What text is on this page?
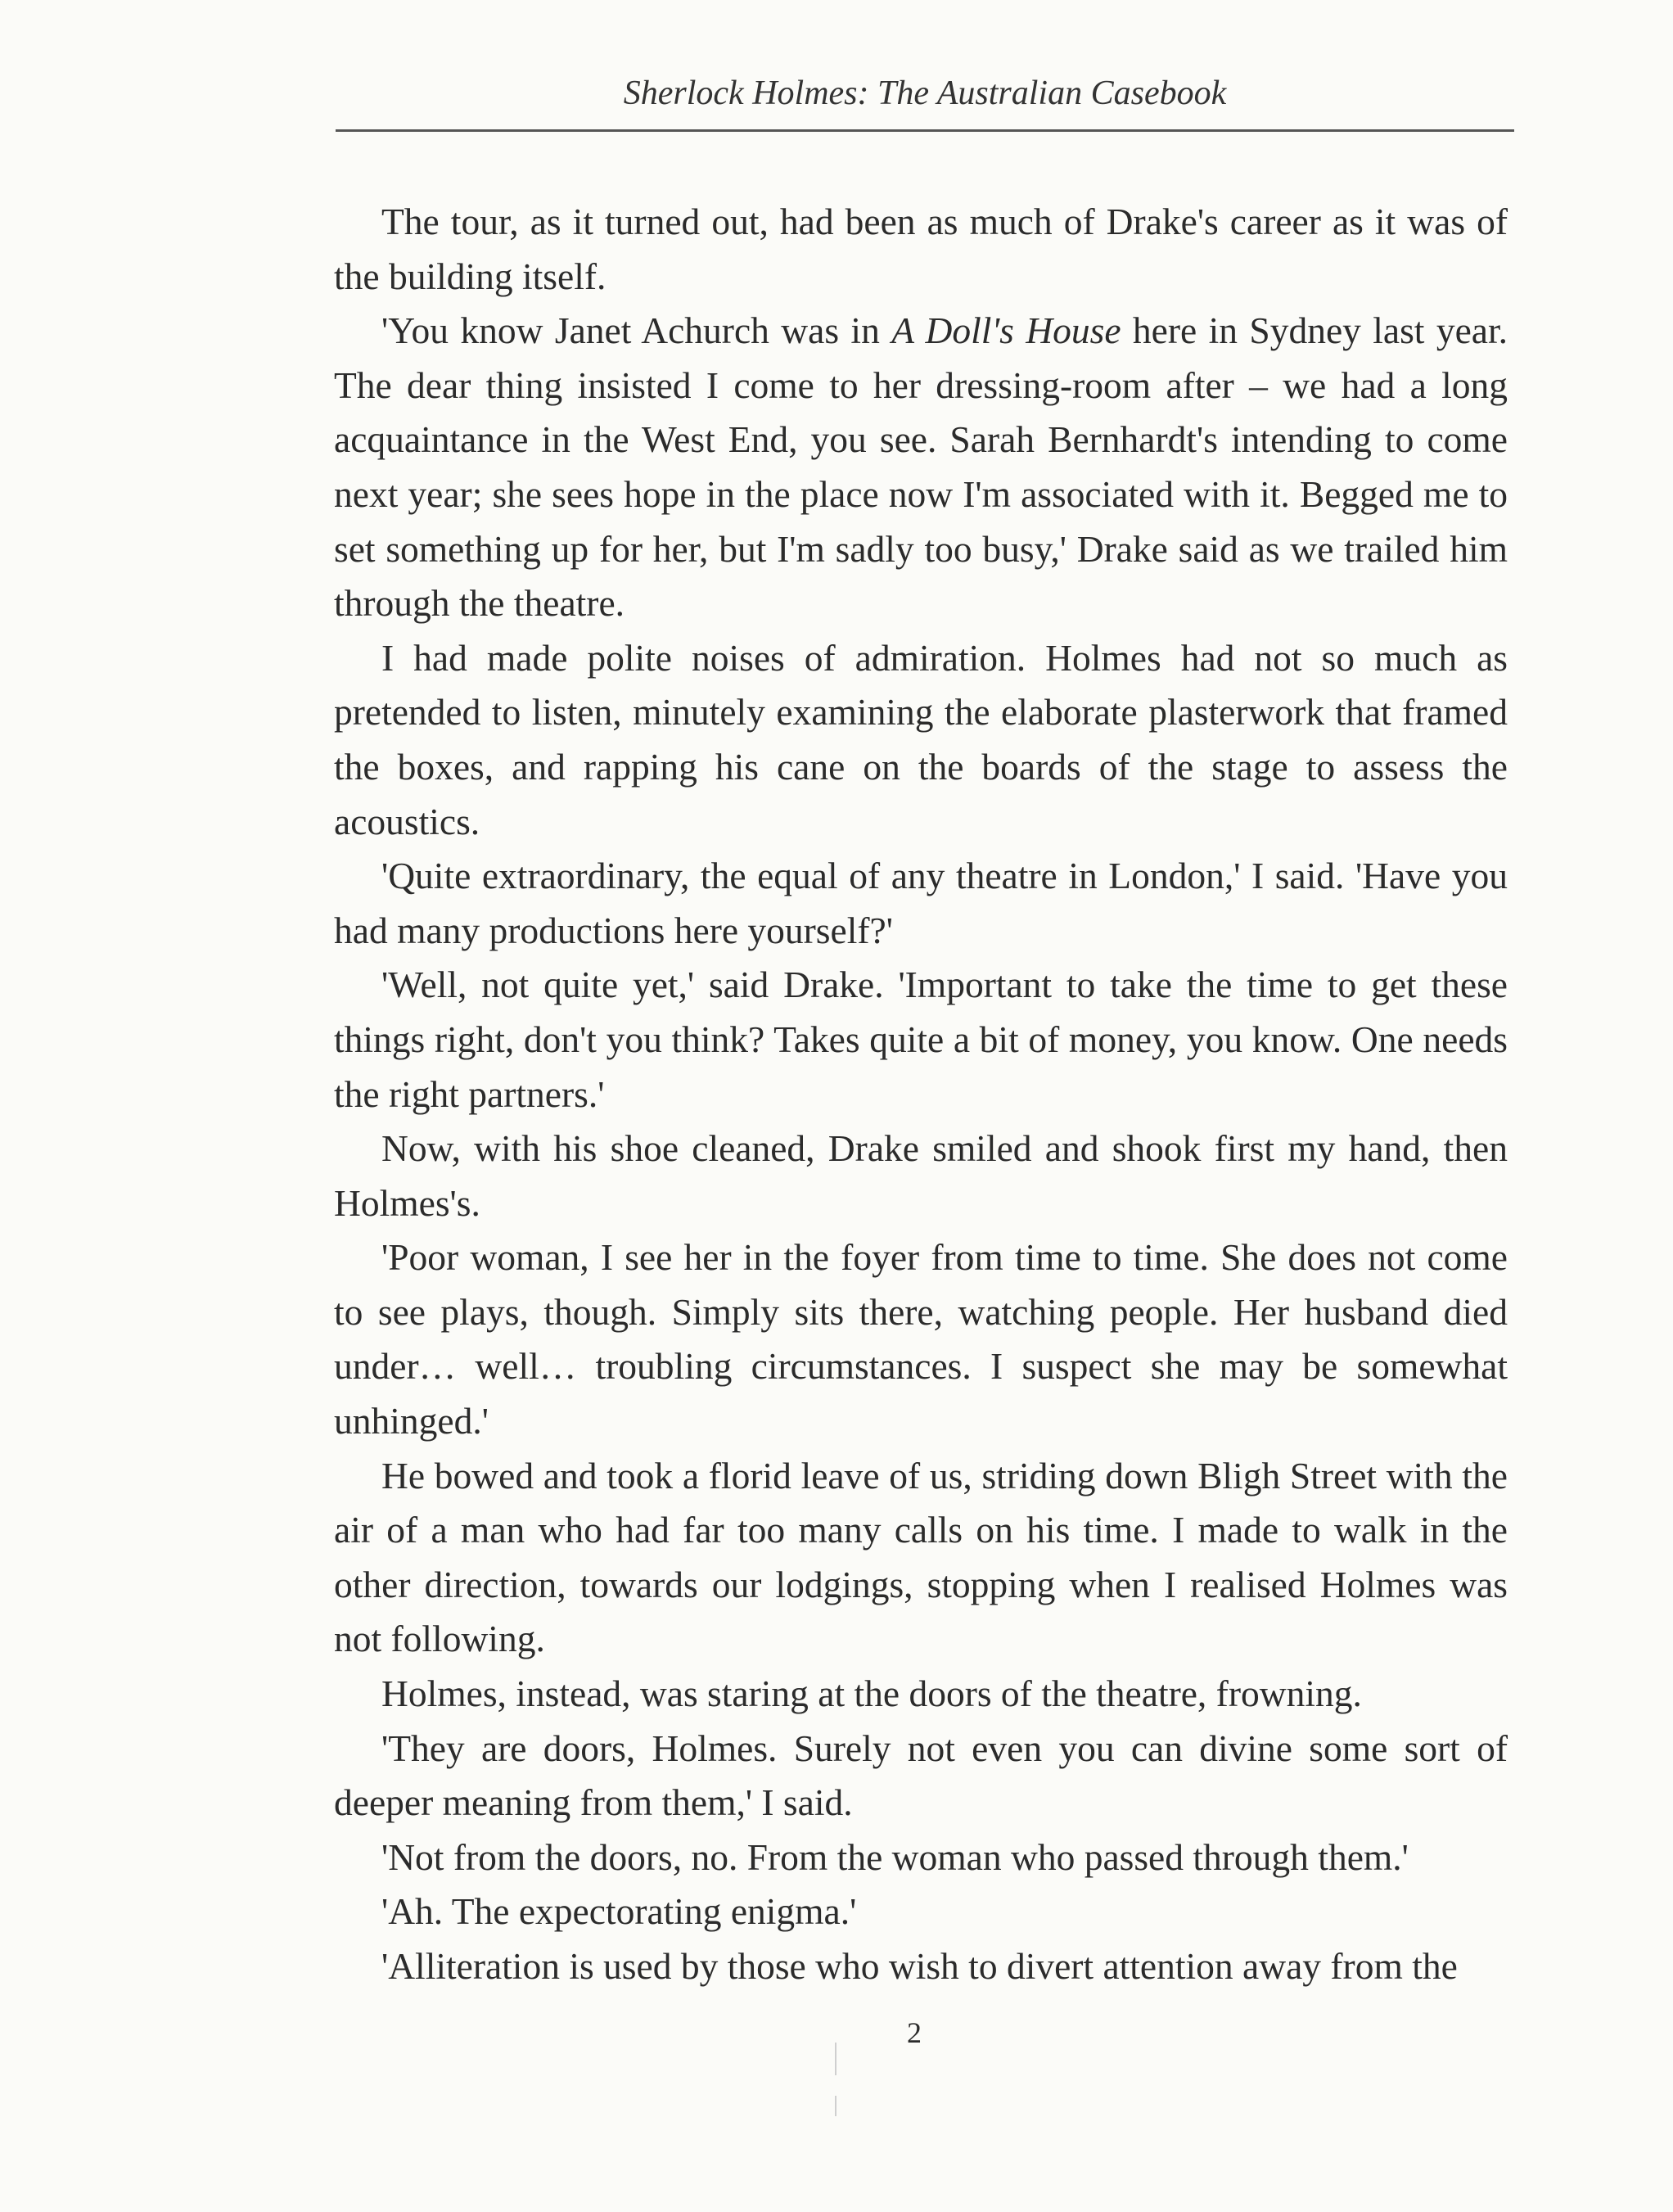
Sherlock Holmes: The Australian Casebook

The tour, as it turned out, had been as much of Drake's career as it was of the building itself.

'You know Janet Achurch was in A Doll's House here in Sydney last year. The dear thing insisted I come to her dressing-room after – we had a long acquaintance in the West End, you see. Sarah Bernhardt's intending to come next year; she sees hope in the place now I'm associated with it. Begged me to set something up for her, but I'm sadly too busy,' Drake said as we trailed him through the theatre.

I had made polite noises of admiration. Holmes had not so much as pretended to listen, minutely examining the elaborate plasterwork that framed the boxes, and rapping his cane on the boards of the stage to assess the acoustics.

'Quite extraordinary, the equal of any theatre in London,' I said. 'Have you had many productions here yourself?'

'Well, not quite yet,' said Drake. 'Important to take the time to get these things right, don't you think? Takes quite a bit of money, you know. One needs the right partners.'

Now, with his shoe cleaned, Drake smiled and shook first my hand, then Holmes's.

'Poor woman, I see her in the foyer from time to time. She does not come to see plays, though. Simply sits there, watching people. Her husband died under… well… troubling circumstances. I suspect she may be somewhat unhinged.'

He bowed and took a florid leave of us, striding down Bligh Street with the air of a man who had far too many calls on his time. I made to walk in the other direction, towards our lodgings, stopping when I realised Holmes was not following.

Holmes, instead, was staring at the doors of the theatre, frowning.

'They are doors, Holmes. Surely not even you can divine some sort of deeper meaning from them,' I said.

'Not from the doors, no. From the woman who passed through them.'

'Ah. The expectorating enigma.'

'Alliteration is used by those who wish to divert attention away from the

2
